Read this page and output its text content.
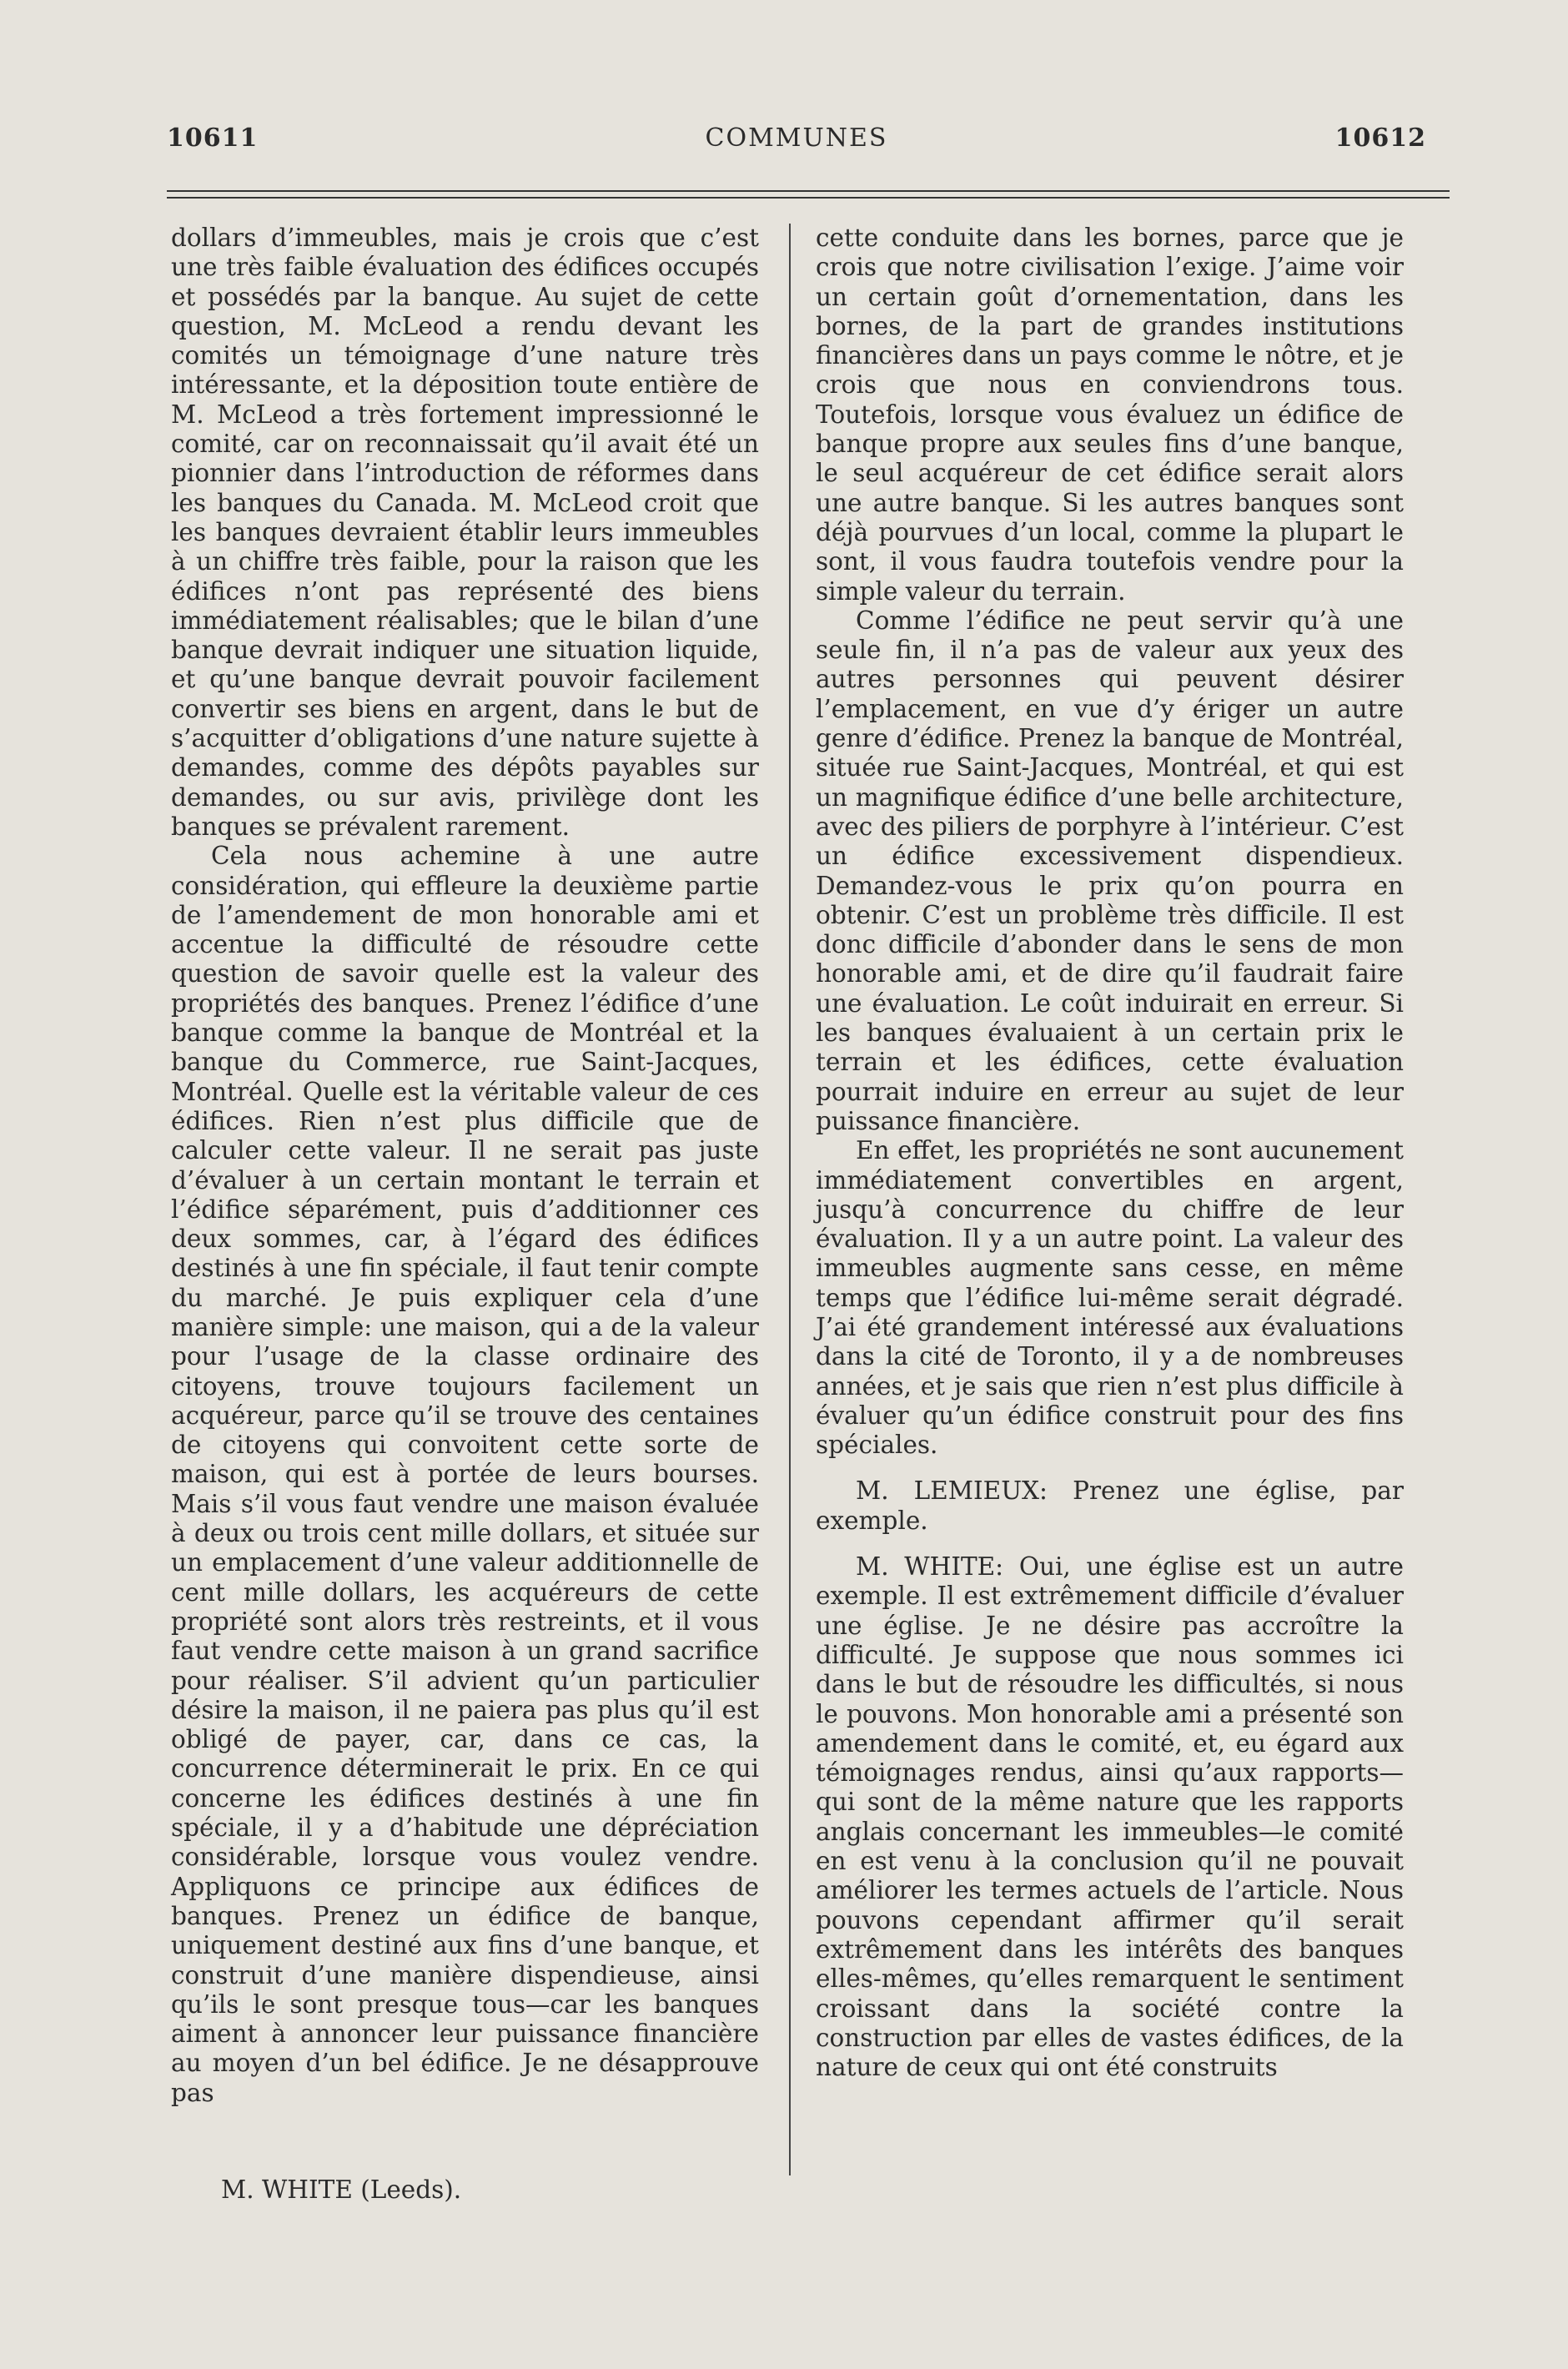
10611	COMMUNES	10612

dollars d’immeubles, mais je crois que c’est une très faible évaluation des édifices occupés et possédés par la banque. Au sujet de cette question, M. McLeod a rendu devant les comités un témoignage d’une nature très intéressante, et la déposition toute entière de M. McLeod a très fortement impressionné le comité, car on reconnaissait qu’il avait été un pionnier dans l’introduction de réformes dans les banques du Canada. M. McLeod croit que les banques devraient établir leurs immeubles à un chiffre très faible, pour la raison que les édifices n’ont pas représenté des biens immédiatement réalisables; que le bilan d’une banque devrait indiquer une situation liquide, et qu’une banque devrait pouvoir facilement convertir ses biens en argent, dans le but de s’acquitter d’obligations d’une nature sujette à demandes, comme des dépôts payables sur demandes, ou sur avis, privilège dont les banques se prévalent rarement.

Cela nous achemine à une autre considération, qui effleure la deuxième partie de l’amendement de mon honorable ami et accentue la difficulté de résoudre cette question de savoir quelle est la valeur des propriétés des banques. Prenez l’édifice d’une banque comme la banque de Montréal et la banque du Commerce, rue Saint-Jacques, Montréal. Quelle est la véritable valeur de ces édifices. Rien n’est plus difficile que de calculer cette valeur. Il ne serait pas juste d’évaluer à un certain montant le terrain et l’édifice séparément, puis d’additionner ces deux sommes, car, à l’égard des édifices destinés à une fin spéciale, il faut tenir compte du marché. Je puis expliquer cela d’une manière simple: une maison, qui a de la valeur pour l’usage de la classe ordinaire des citoyens, trouve toujours facilement un acquéreur, parce qu’il se trouve des centaines de citoyens qui convoitent cette sorte de maison, qui est à portée de leurs bourses. Mais s’il vous faut vendre une maison évaluée à deux ou trois cent mille dollars, et située sur un emplacement d’une valeur additionnelle de cent mille dollars, les acquéreurs de cette propriété sont alors très restreints, et il vous faut vendre cette maison à un grand sacrifice pour réaliser. S’il advient qu’un particulier désire la maison, il ne paiera pas plus qu’il est obligé de payer, car, dans ce cas, la concurrence déterminerait le prix. En ce qui concerne les édifices destinés à une fin spéciale, il y a d’habitude une dépréciation considérable, lorsque vous voulez vendre. Appliquons ce principe aux édifices de banques. Prenez un édifice de banque, uniquement destiné aux fins d’une banque, et construit d’une manière dispendieuse, ainsi qu’ils le sont presque tous—car les banques aiment à annoncer leur puissance financière au moyen d’un bel édifice. Je ne désapprouve pas

cette conduite dans les bornes, parce que je crois que notre civilisation l’exige. J’aime voir un certain goût d’ornementation, dans les bornes, de la part de grandes institutions financières dans un pays comme le nôtre, et je crois que nous en conviendrons tous. Toutefois, lorsque vous évaluez un édifice de banque propre aux seules fins d’une banque, le seul acquéreur de cet édifice serait alors une autre banque. Si les autres banques sont déjà pourvues d’un local, comme la plupart le sont, il vous faudra toutefois vendre pour la simple valeur du terrain.

Comme l’édifice ne peut servir qu’à une seule fin, il n’a pas de valeur aux yeux des autres personnes qui peuvent désirer l’emplacement, en vue d’y ériger un autre genre d’édifice. Prenez la banque de Montréal, située rue Saint-Jacques, Montréal, et qui est un magnifique édifice d’une belle architecture, avec des piliers de porphyre à l’intérieur. C’est un édifice excessivement dispendieux. Demandez-vous le prix qu’on pourra en obtenir. C’est un problème très difficile. Il est donc difficile d’abonder dans le sens de mon honorable ami, et de dire qu’il faudrait faire une évaluation. Le coût induirait en erreur. Si les banques évaluaient à un certain prix le terrain et les édifices, cette évaluation pourrait induire en erreur au sujet de leur puissance financière.

En effet, les propriétés ne sont aucunement immédiatement convertibles en argent, jusqu’à concurrence du chiffre de leur évaluation. Il y a un autre point. La valeur des immeubles augmente sans cesse, en même temps que l’édifice lui-même serait dégradé. J’ai été grandement intéressé aux évaluations dans la cité de Toronto, il y a de nombreuses années, et je sais que rien n’est plus difficile à évaluer qu’un édifice construit pour des fins spéciales.

M. LEMIEUX: Prenez une église, par exemple.

M. WHITE: Oui, une église est un autre exemple. Il est extrêmement difficile d’évaluer une église. Je ne désire pas accroître la difficulté. Je suppose que nous sommes ici dans le but de résoudre les difficultés, si nous le pouvons. Mon honorable ami a présenté son amendement dans le comité, et, eu égard aux témoignages rendus, ainsi qu’aux rapports—qui sont de la même nature que les rapports anglais concernant les immeubles—le comité en est venu à la conclusion qu’il ne pouvait améliorer les termes actuels de l’article. Nous pouvons cependant affirmer qu’il serait extrêmement dans les intérêts des banques elles-mêmes, qu’elles remarquent le sentiment croissant dans la société contre la construction par elles de vastes édifices, de la nature de ceux qui ont été construits

M. WHITE (Leeds).
